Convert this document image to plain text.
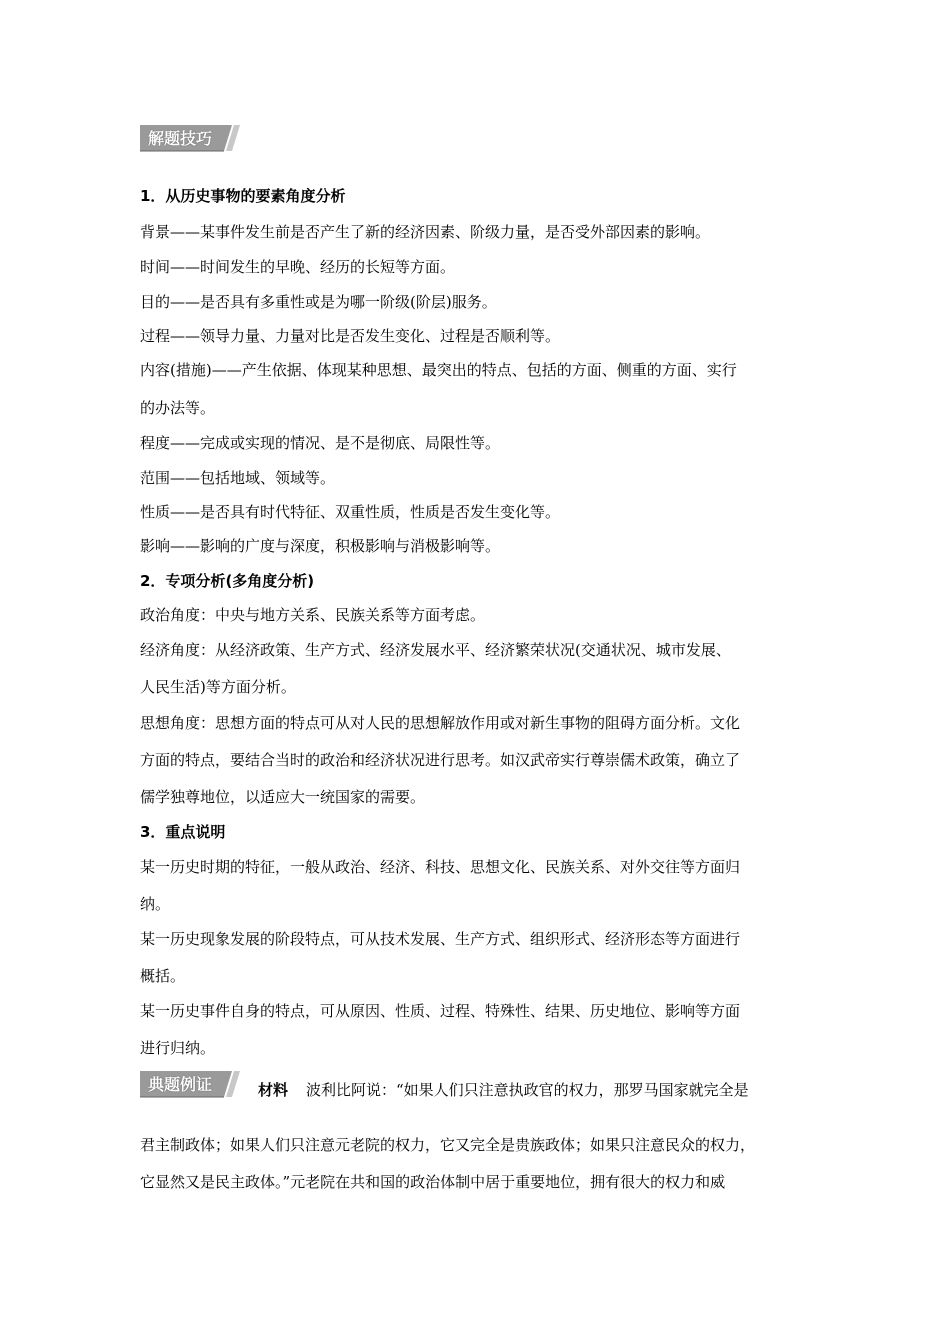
解题技巧
1．从历史事物的要素角度分析
背景——某事件发生前是否产生了新的经济因素、阶级力量，是否受外部因素的影响。
时间——时间发生的早晚、经历的长短等方面。
目的——是否具有多重性或是为哪一阶级(阶层)服务。
过程——领导力量、力量对比是否发生变化、过程是否顺利等。
内容(措施)——产生依据、体现某种思想、最突出的特点、包括的方面、侧重的方面、实行
的办法等。
程度——完成或实现的情况、是不是彻底、局限性等。
范围——包括地域、领域等。
性质——是否具有时代特征、双重性质，性质是否发生变化等。
影响——影响的广度与深度，积极影响与消极影响等。
2．专项分析(多角度分析)
政治角度：中央与地方关系、民族关系等方面考虑。
经济角度：从经济政策、生产方式、经济发展水平、经济繁荣状况(交通状况、城市发展、
人民生活)等方面分析。
思想角度：思想方面的特点可从对人民的思想解放作用或对新生事物的阻碍方面分析。文化
方面的特点，要结合当时的政治和经济状况进行思考。如汉武帝实行尊崇儒术政策，确立了
儒学独尊地位，以适应大一统国家的需要。
3．重点说明
某一历史时期的特征，一般从政治、经济、科技、思想文化、民族关系、对外交往等方面归
纳。
某一历史现象发展的阶段特点，可从技术发展、生产方式、组织形式、经济形态等方面进行
概括。
某一历史事件自身的特点，可从原因、性质、过程、特殊性、结果、历史地位、影响等方面
进行归纳。
典题例证	材料 波利比阿说：“如果人们只注意执政官的权力，那罗马国家就完全是
君主制政体；如果人们只注意元老院的权力，它又完全是贵族政体；如果只注意民众的权力，
它显然又是民主政体。”元老院在共和国的政治体制中居于重要地位，拥有很大的权力和威
